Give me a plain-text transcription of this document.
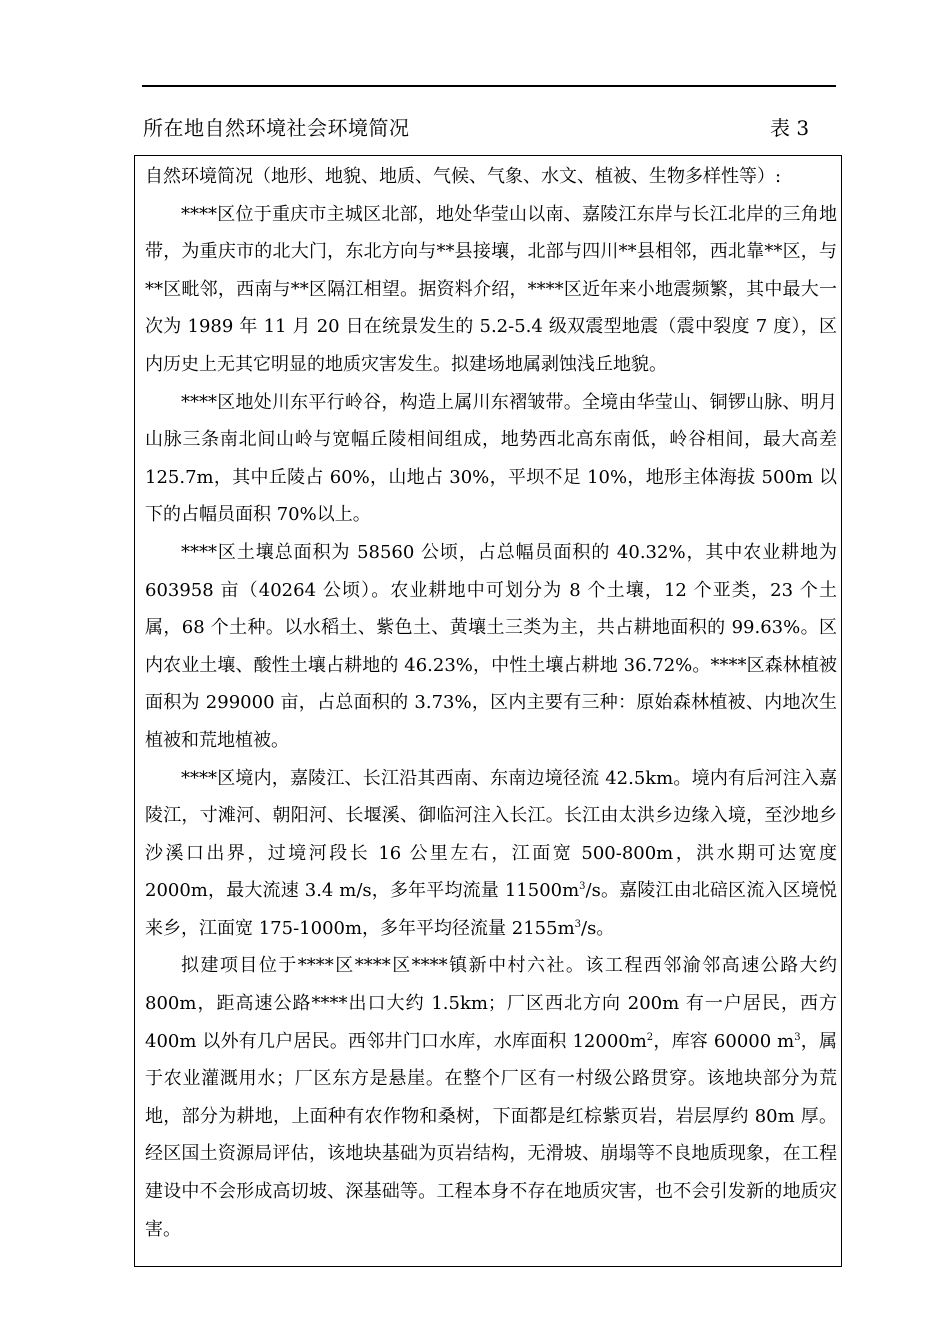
所在地自然环境社会环境简况	表 3

自然环境简况（地形、地貌、地质、气候、气象、水文、植被、生物多样性等）:

****区位于重庆市主城区北部，地处华莹山以南、嘉陵江东岸与长江北岸的三角地带，为重庆市的北大门，东北方向与**县接壤，北部与四川**县相邻，西北靠**区，与**区毗邻，西南与**区隔江相望。据资料介绍，****区近年来小地震频繁，其中最大一次为 1989 年 11 月 20 日在统景发生的 5.2-5.4 级双震型地震（震中裂度 7 度），区内历史上无其它明显的地质灾害发生。拟建场地属剥蚀浅丘地貌。

****区地处川东平行岭谷，构造上属川东褶皱带。全境由华莹山、铜锣山脉、明月山脉三条南北间山岭与宽幅丘陵相间组成，地势西北高东南低，岭谷相间，最大高差 125.7m，其中丘陵占 60%，山地占 30%，平坝不足 10%，地形主体海拔 500m 以下的占幅员面积 70%以上。

****区土壤总面积为 58560 公顷，占总幅员面积的 40.32%，其中农业耕地为 603958 亩（40264 公顷）。农业耕地中可划分为 8 个土壤，12 个亚类，23 个土属，68 个土种。以水稻土、紫色土、黄壤土三类为主，共占耕地面积的 99.63%。区内农业土壤、酸性土壤占耕地的 46.23%，中性土壤占耕地 36.72%。****区森林植被面积为 299000 亩，占总面积的 3.73%，区内主要有三种：原始森林植被、内地次生植被和荒地植被。

****区境内，嘉陵江、长江沿其西南、东南边境径流 42.5km。境内有后河注入嘉陵江，寸滩河、朝阳河、长堰溪、御临河注入长江。长江由太洪乡边缘入境，至沙地乡沙溪口出界，过境河段长 16 公里左右，江面宽 500-800m，洪水期可达宽度 2000m，最大流速 3.4 m/s，多年平均流量 $11500m^3/s$。嘉陵江由北碚区流入区境悦来乡，江面宽 175-1000m，多年平均径流量 $2155m^3/s$。

拟建项目位于****区****区****镇新中村六社。该工程西邻渝邻高速公路大约 800m，距高速公路****出口大约 1.5km；厂区西北方向 200m 有一户居民，西方 400m 以外有几户居民。西邻井门口水库，水库面积 $12000m^2$，库容 60000 $m^3$，属于农业灌溉用水；厂区东方是悬崖。在整个厂区有一村级公路贯穿。该地块部分为荒地，部分为耕地，上面种有农作物和桑树，下面都是红棕紫页岩，岩层厚约 80m 厚。经区国土资源局评估，该地块基础为页岩结构，无滑坡、崩塌等不良地质现象，在工程建设中不会形成高切坡、深基础等。工程本身不存在地质灾害，也不会引发新的地质灾害。
